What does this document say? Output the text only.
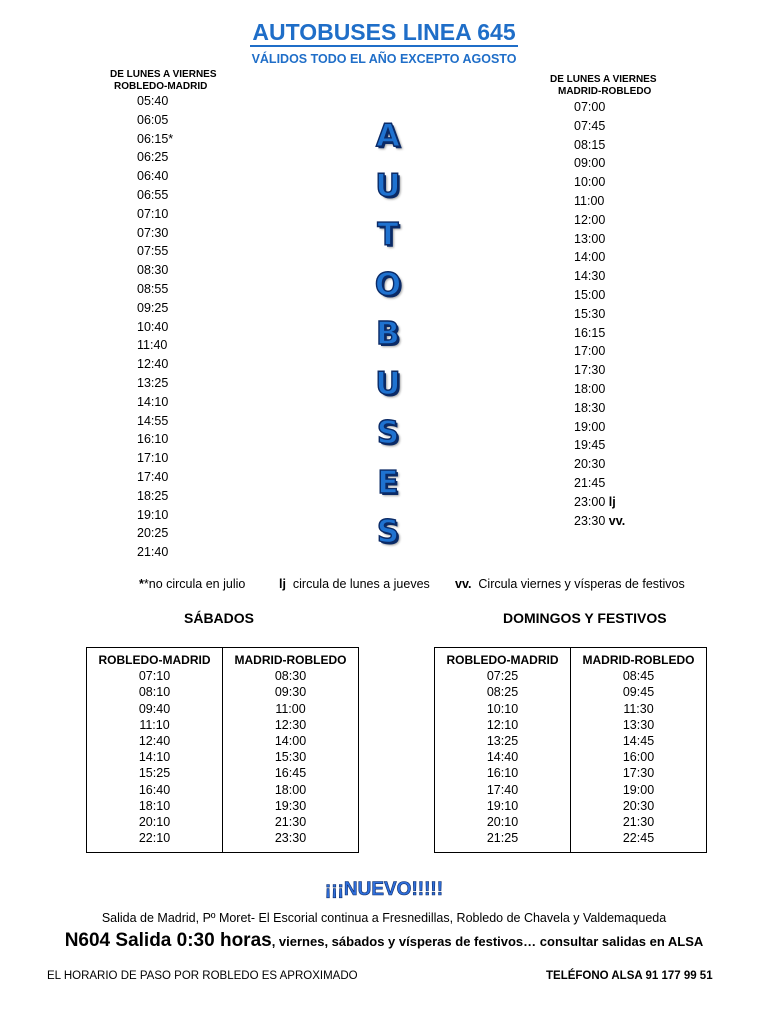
AUTOBUSES LINEA 645
VÁLIDOS TODO EL AÑO EXCEPTO AGOSTO
DE LUNES A VIERNES
ROBLEDO-MADRID
05:40
06:05
06:15*
06:25
06:40
06:55
07:10
07:30
07:55
08:30
08:55
09:25
10:40
11:40
12:40
13:25
14:10
14:55
16:10
17:10
17:40
18:25
19:10
20:25
21:40
A
U
T
O
B
U
S
E
S
DE LUNES A VIERNES
MADRID-ROBLEDO
07:00
07:45
08:15
09:00
10:00
11:00
12:00
13:00
14:00
14:30
15:00
15:30
16:15
17:00
17:30
18:00
18:30
19:00
19:45
20:30
21:45
23:00 lj
23:30 vv.
**no circula en julio	lj circula de lunes a jueves vv. Circula viernes y vísperas de festivos
SÁBADOS	DOMINGOS Y FESTIVOS
ROBLEDO-MADRID	MADRID-ROBLEDO
07:10	08:30
08:10	09:30
09:40	11:00
11:10	12:30
12:40	14:00
14:10	15:30
15:25	16:45
16:40	18:00
18:10	19:30
20:10	21:30
22:10	23:30
ROBLEDO-MADRID	MADRID-ROBLEDO
07:25	08:45
08:25	09:45
10:10	11:30
12:10	13:30
13:25	14:45
14:40	16:00
16:10	17:30
17:40	19:00
19:10	20:30
20:10	21:30
21:25	22:45
¡¡¡NUEVO!!!!!
Salida de Madrid, Pº Moret- El Escorial continua a Fresnedillas, Robledo de Chavela y Valdemaqueda
N604 Salida 0:30 horas, viernes, sábados y vísperas de festivos… consultar salidas en ALSA
EL HORARIO DE PASO POR ROBLEDO ES APROXIMADO	TELÉFONO ALSA 91 177 99 51
